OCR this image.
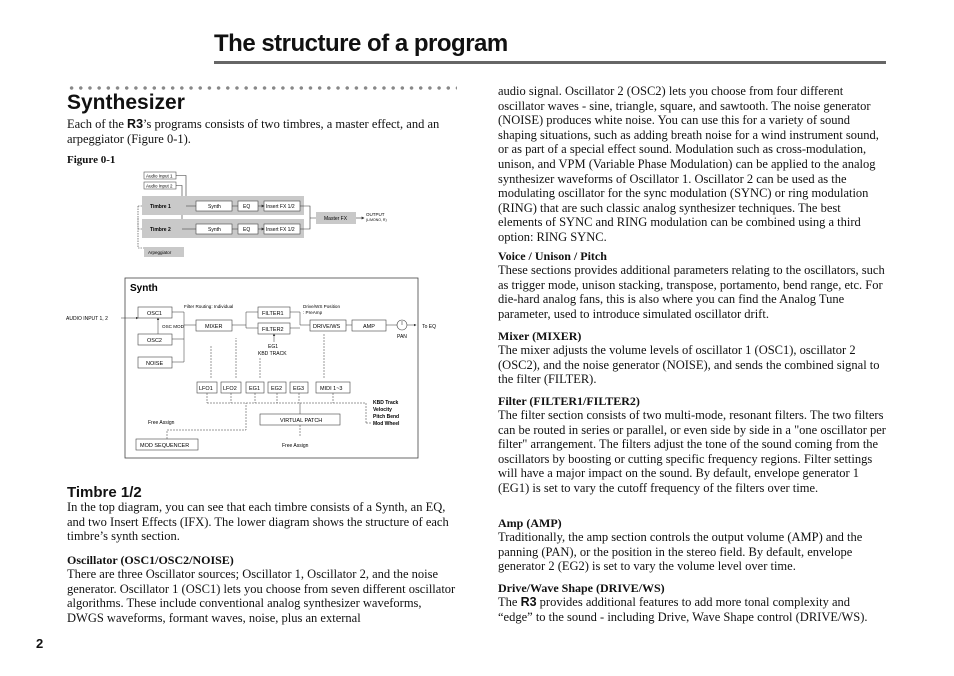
The structure of a program
Synthesizer

Each of the R3’s programs consists of two timbres, a master effect, and an arpeggiator (Figure 0-1).

Figure 0-1
Audio Input 1
Audio Input 2
Timbre 1
Timbre 2
Synth	EQ	Insert FX 1/2
Synth	EQ	Insert FX 1/2
Master FX
OUTPUT
(L/MONO, R)
Arpeggiator
Synth
AUDIO INPUT 1, 2
Filter Routing: Individual	Drive/WS Position
: PreAmp
OSC1
OSC2
NOISE
OSC MOD	MIXER
FILTER1
FILTER2
EG1
KBD TRACK
DRIVE/WS	AMP
PAN
To EQ
LFO1 LFO2 EG1 EG2 EG3	MIDI 1~3
KBD Track
Velocity
Pitch Bend
Mod Wheel
VIRTUAL PATCH
Free Assign
Free Assign
MOD SEQUENCER
Timbre 1/2

In the top diagram, you can see that each timbre consists of a Synth, an EQ, and two Insert Effects (IFX). The lower diagram shows the structure of each timbre’s synth section.

Oscillator (OSC1/OSC2/NOISE)

There are three Oscillator sources; Oscillator 1, Oscillator 2, and the noise generator. Oscillator 1 (OSC1) lets you choose from seven different oscillator algorithms. These include conventional analog synthesizer waveforms, DWGS waveforms, formant waves, noise, plus an external

audio signal. Oscillator 2 (OSC2) lets you choose from four different oscillator waves - sine, triangle, square, and sawtooth. The noise generator (NOISE) produces white noise. You can use this for a variety of sound shaping situations, such as adding breath noise for a wind instrument sound, or as part of a special effect sound. Modulation such as cross-modulation, unison, and VPM (Variable Phase Modulation) can be applied to the analog synthesizer waveforms of Oscillator 1. Oscillator 2 can be used as the modulating oscillator for the sync modulation (SYNC) or ring modulation (RING) that are such classic analog synthesizer techniques. The best elements of SYNC and RING modulation can be combined using a third option: RING SYNC.

Voice / Unison / Pitch

These sections provides additional parameters relating to the oscillators, such as trigger mode, unison stacking, transpose, portamento, bend range, etc. For die-hard analog fans, this is also where you can find the Analog Tune parameter, used to introduce simulated oscillator drift.

Mixer (MIXER)

The mixer adjusts the volume levels of oscillator 1 (OSC1), oscillator 2 (OSC2), and the noise generator (NOISE), and sends the combined signal to the filter (FILTER).

Filter (FILTER1/FILTER2)

The filter section consists of two multi-mode, resonant filters. The two filters can be routed in series or parallel, or even side by side in a "one oscillator per filter" arrangement. The filters adjust the tone of the sound coming from the oscillators by boosting or cutting specific frequency regions. Filter settings will have a major impact on the sound. By default, envelope generator 1 (EG1) is set to vary the cutoff frequency of the filters over time.

Amp (AMP)

Traditionally, the amp section controls the output volume (AMP) and the panning (PAN), or the position in the stereo field. By default, envelope generator 2 (EG2) is set to vary the volume level over time.

Drive/Wave Shape (DRIVE/WS)

The R3 provides additional features to add more tonal complexity and “edge” to the sound - including Drive, Wave Shape control (DRIVE/WS).

2
